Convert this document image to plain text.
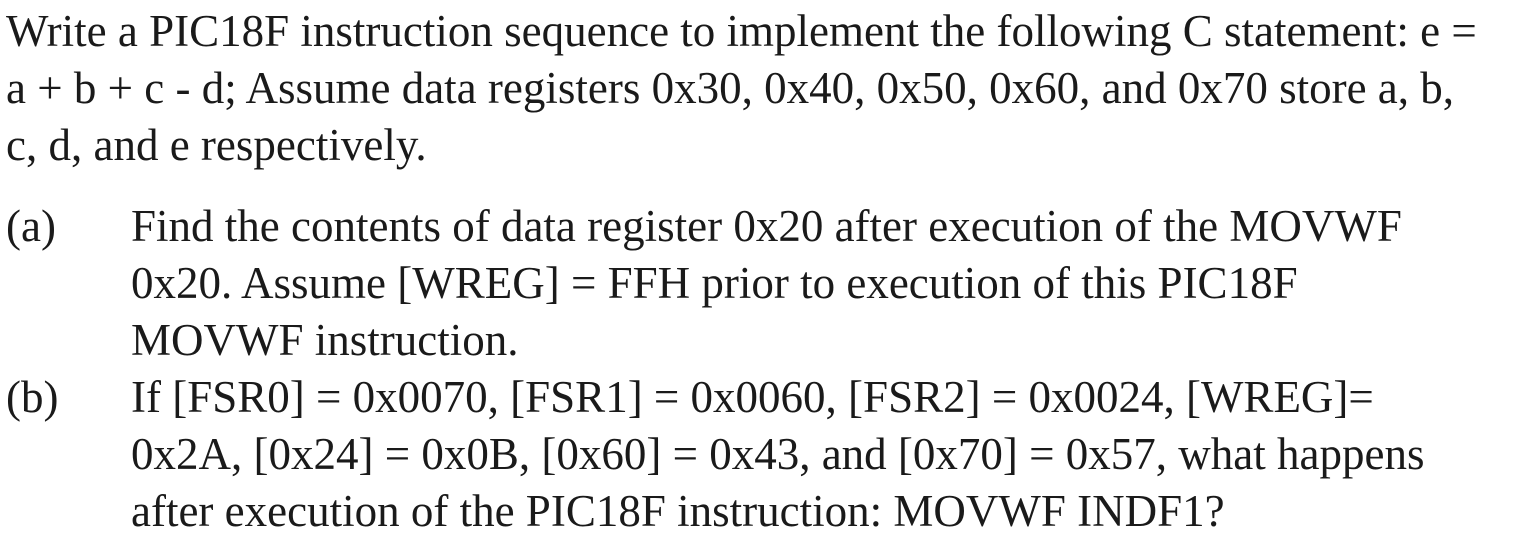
Write a PIC18F instruction sequence to implement the following C statement: e =
a + b + c - d; Assume data registers 0x30, 0x40, 0x50, 0x60, and 0x70 store a, b,
c, d, and e respectively.

(a) Find the contents of data register 0x20 after execution of the MOVWF
0x20. Assume [WREG] = FFH prior to execution of this PIC18F
MOVWF instruction.

(b) If [FSR0] = 0x0070, [FSR1] = 0x0060, [FSR2] = 0x0024, [WREG]=
0x2A, [0x24] = 0x0B, [0x60] = 0x43, and [0x70] = 0x57, what happens
after execution of the PIC18F instruction: MOVWF INDF1?
